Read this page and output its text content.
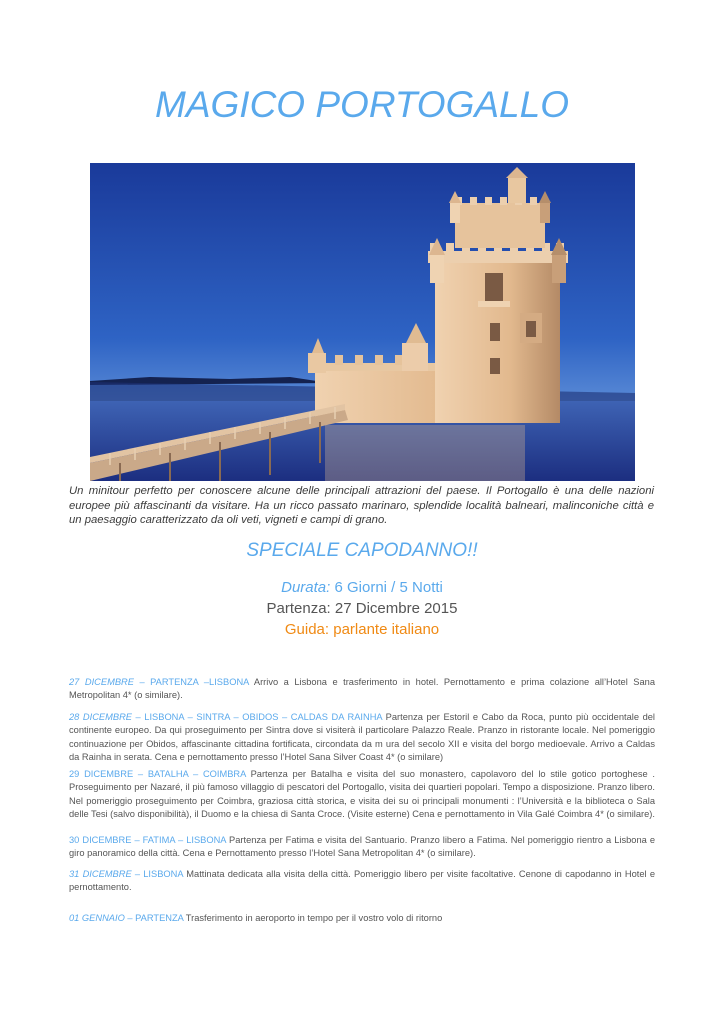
MAGICO PORTOGALLO
Un minitour perfetto per conoscere alcune delle principali attrazioni del paese. Il Portogallo è una delle nazioni europee più affascinanti da visitare. Ha un ricco passato marinaro, splendide località balneari, malinconiche città e un paesaggio caratterizzato da oli veti, vigneti e campi di grano.
SPECIALE CAPODANNO!!
Durata: 6 Giorni / 5 Notti
Partenza: 27 Dicembre 2015
Guida: parlante italiano
27 DICEMBRE – PARTENZA –LISBONA Arrivo a Lisbona e trasferimento in hotel. Pernottamento e prima colazione all’Hotel Sana Metropolitan 4* (o similare).
28 DICEMBRE – LISBONA – SINTRA – OBIDOS – CALDAS DA RAINHA Partenza per Estoril e Cabo da Roca, punto più occidentale del continente europeo. Da qui proseguimento per Sintra dove si visiterà il particolare Palazzo Reale. Pranzo in ristorante locale. Nel pomeriggio continuazione per Obidos, affascinante cittadina fortificata, circondata da m ura del secolo XII e visita del borgo medioevale. Arrivo a Caldas da Rainha in serata. Cena e pernottamento presso l’Hotel Sana Silver Coast 4* (o similare)
29 DICEMBRE – BATALHA – COIMBRA Partenza per Batalha e visita del suo monastero, capolavoro del lo stile gotico portoghese . Proseguimento per Nazaré, il più famoso villaggio di pescatori del Portogallo, visita dei quartieri popolari. Tempo a disposizione. Pranzo libero. Nel pomeriggio proseguimento per Coimbra, graziosa città storica, e visita dei su oi principali monumenti : l’Università e la biblioteca o Sala delle Tesi (salvo disponibilità), il Duomo e la chiesa di Santa Croce. (Visite esterne) Cena e pernottamento in Vila Galé Coimbra 4* (o similare).
30 DICEMBRE – FATIMA – LISBONA Partenza per Fatima e visita del Santuario. Pranzo libero a Fatima. Nel pomeriggio rientro a Lisbona e giro panoramico della città. Cena e Pernottamento presso l’Hotel Sana Metropolitan 4* (o similare).
31 DICEMBRE – LISBONA Mattinata dedicata alla visita della città. Pomeriggio libero per visite facoltative. Cenone di capodanno in Hotel e pernottamento.
01 GENNAIO – PARTENZA Trasferimento in aeroporto in tempo per il vostro volo di ritorno
